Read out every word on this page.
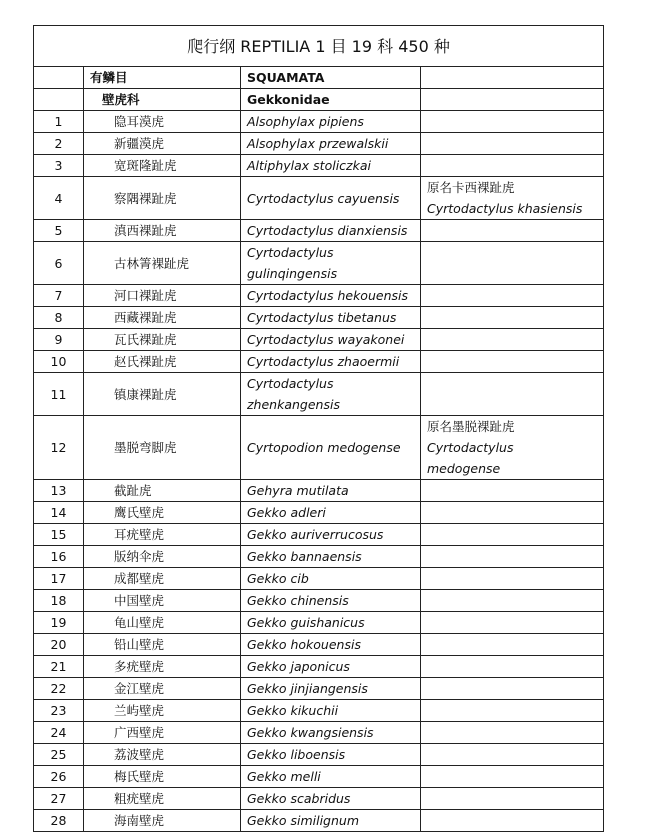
爬行纲 REPTILIA 1 目 19 科 450 种			
	有鳞目	SQUAMATA	
	壁虎科	Gekkonidae	
1	隐耳漠虎	Alsophylax pipiens	
2	新疆漠虎	Alsophylax przewalskii	
3	宽斑隆趾虎	Altiphylax stoliczkai	
4	察隅裸趾虎	Cyrtodactylus cayuensis	原名卡西裸趾虎
Cyrtodactylus khasiensis
5	滇西裸趾虎	Cyrtodactylus dianxiensis	
6	古林箐裸趾虎	Cyrtodactylus
gulinqingensis	
7	河口裸趾虎	Cyrtodactylus hekouensis	
8	西藏裸趾虎	Cyrtodactylus tibetanus	
9	瓦氏裸趾虎	Cyrtodactylus wayakonei	
10	赵氏裸趾虎	Cyrtodactylus zhaoermii	
11	镇康裸趾虎	Cyrtodactylus
zhenkangensis	
12	墨脱弯脚虎	Cyrtopodion medogense	原名墨脱裸趾虎Cyrtodactylus
medogense
13	截趾虎	Gehyra mutilata	
14	鹰氏壁虎	Gekko adleri	
15	耳疣壁虎	Gekko auriverrucosus	
16	版纳伞虎	Gekko bannaensis	
17	成都壁虎	Gekko cib	
18	中国壁虎	Gekko chinensis	
19	龟山壁虎	Gekko guishanicus	
20	铅山壁虎	Gekko hokouensis	
21	多疣壁虎	Gekko japonicus	
22	金江壁虎	Gekko jinjiangensis	
23	兰屿壁虎	Gekko kikuchii	
24	广西壁虎	Gekko kwangsiensis	
25	荔波壁虎	Gekko liboensis	
26	梅氏壁虎	Gekko melli	
27	粗疣壁虎	Gekko scabridus	
28	海南壁虎	Gekko similignum	
